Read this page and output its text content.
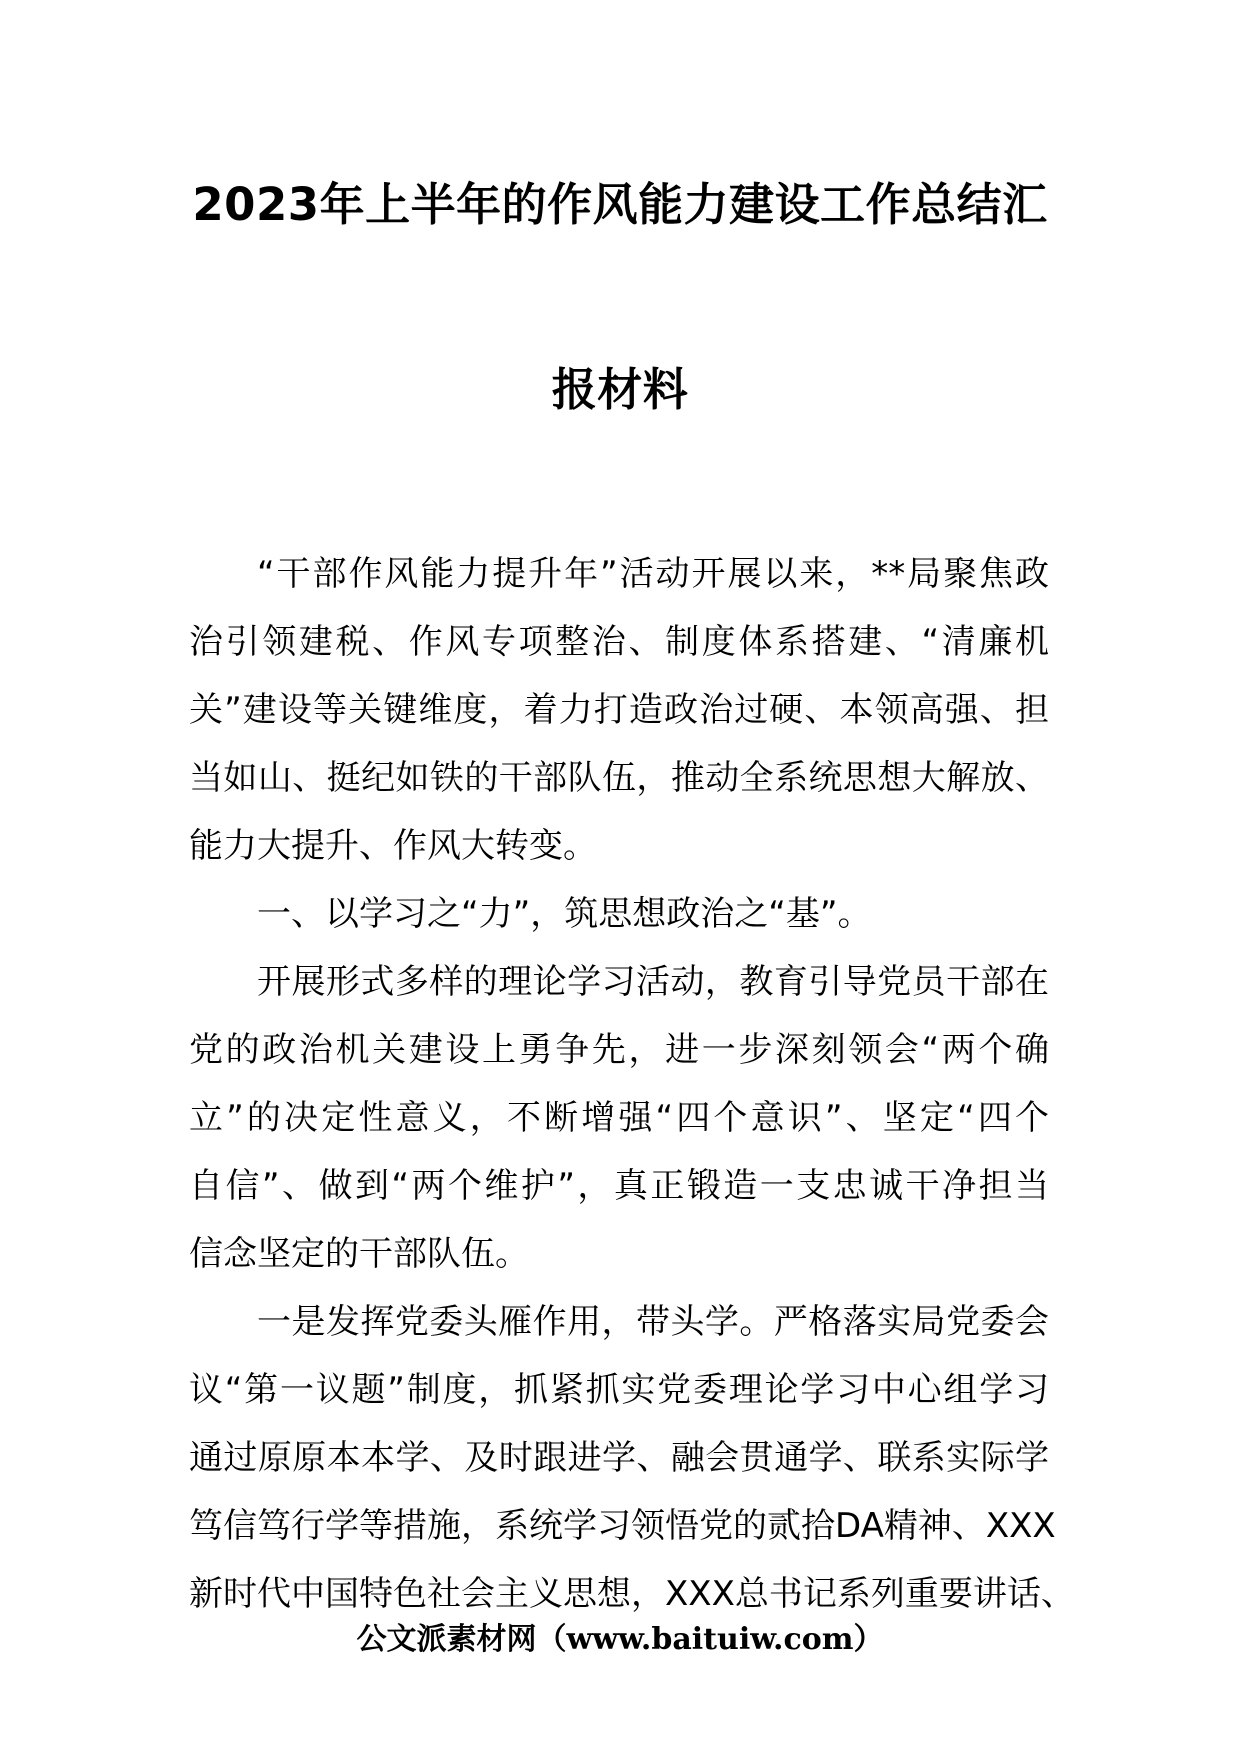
2023年上半年的作风能力建设工作总结汇
报材料
“干部作风能力提升年”活动开展以来，**局聚焦政
治引领建税、作风专项整治、制度体系搭建、“清廉机
关”建设等关键维度，着力打造政治过硬、本领高强、担
当如山、挺纪如铁的干部队伍，推动全系统思想大解放、
能力大提升、作风大转变。
一、以学习之“力”，筑思想政治之“基”。
开展形式多样的理论学习活动，教育引导党员干部在
党的政治机关建设上勇争先，进一步深刻领会“两个确
立”的决定性意义，不断增强“四个意识”、坚定“四个
自信”、做到“两个维护”，真正锻造一支忠诚干净担当
信念坚定的干部队伍。
一是发挥党委头雁作用，带头学。严格落实局党委会
议“第一议题”制度，抓紧抓实党委理论学习中心组学习
通过原原本本学、及时跟进学、融会贯通学、联系实际学
笃信笃行学等措施，系统学习领悟党的贰拾DA精神、XXX
新时代中国特色社会主义思想，XXX总书记系列重要讲话、
公文派素材网（www.baituiw.com）
